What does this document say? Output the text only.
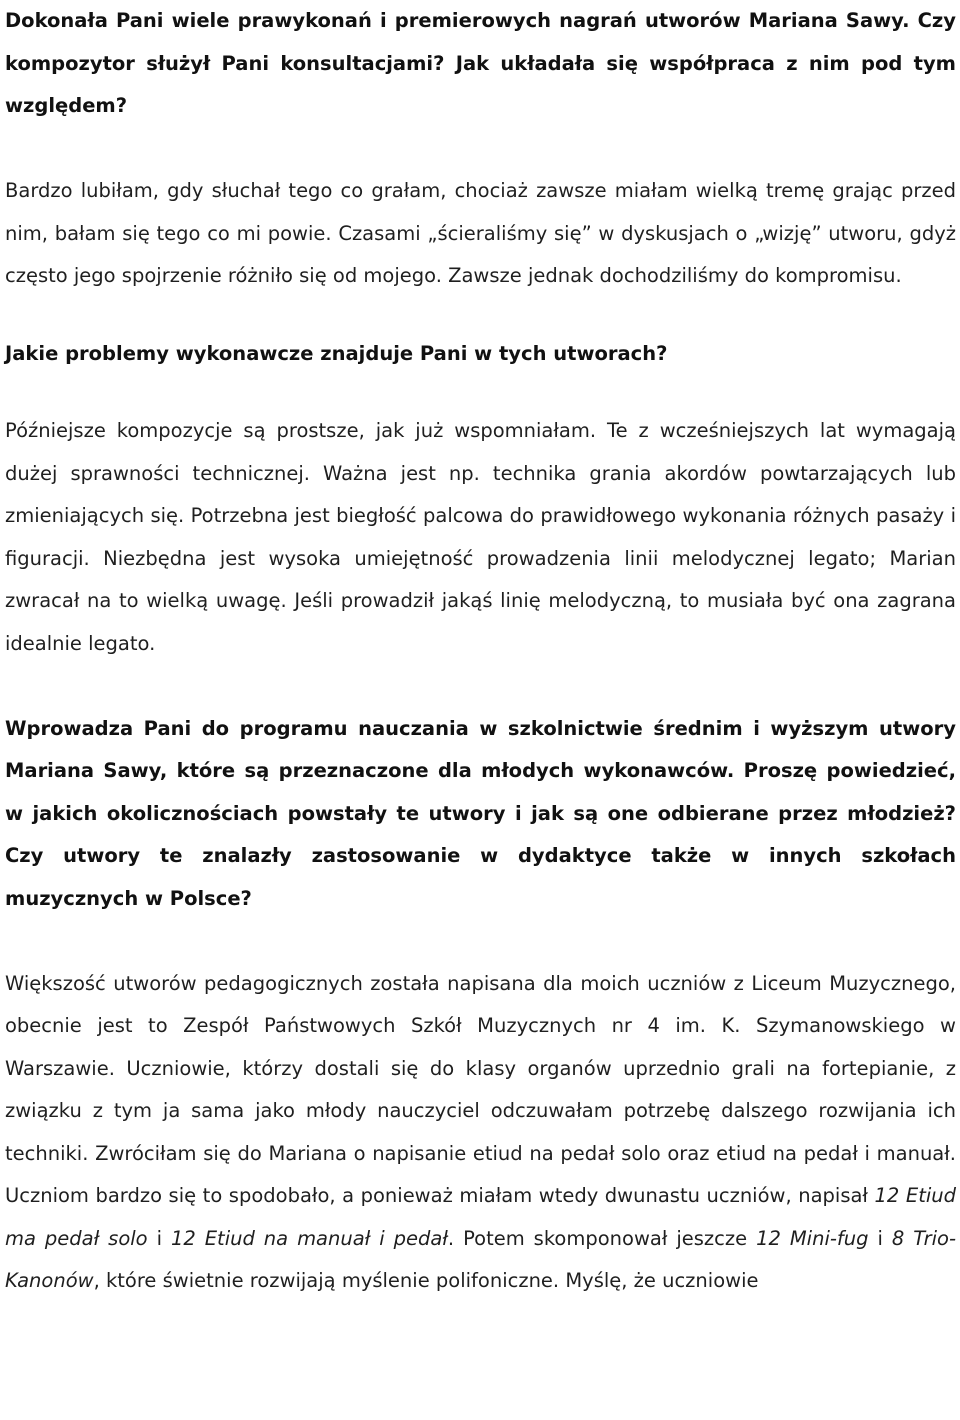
Dokonała Pani wiele prawykonań i premierowych nagrań utworów Mariana Sawy. Czy kompozytor służył Pani konsultacjami? Jak układała się współpraca z nim pod tym względem?

Bardzo lubiłam, gdy słuchał tego co grałam, chociaż zawsze miałam wielką tremę grając przed nim, bałam się tego co mi powie. Czasami „ścieraliśmy się” w dyskusjach o „wizję” utworu, gdyż często jego spojrzenie różniło się od mojego. Zawsze jednak dochodziliśmy do kompromisu.

Jakie problemy wykonawcze znajduje Pani w tych utworach?

Późniejsze kompozycje są prostsze, jak już wspomniałam. Te z wcześniejszych lat wymagają dużej sprawności technicznej. Ważna jest np. technika grania akordów powtarzających lub zmieniających się. Potrzebna jest biegłość palcowa do prawidłowego wykonania różnych pasaży i figuracji. Niezbędna jest wysoka umiejętność prowadzenia linii melodycznej legato; Marian zwracał na to wielką uwagę. Jeśli prowadził jakąś linię melodyczną, to musiała być ona zagrana idealnie legato.

Wprowadza Pani do programu nauczania w szkolnictwie średnim i wyższym utwory Mariana Sawy, które są przeznaczone dla młodych wykonawców. Proszę powiedzieć, w jakich okolicznościach powstały te utwory i jak są one odbierane przez młodzież? Czy utwory te znalazły zastosowanie w dydaktyce także w innych szkołach muzycznych w Polsce?

Większość utworów pedagogicznych została napisana dla moich uczniów z Liceum Muzycznego, obecnie jest to Zespół Państwowych Szkół Muzycznych nr 4 im. K. Szymanowskiego w Warszawie. Uczniowie, którzy dostali się do klasy organów uprzednio grali na fortepianie, z związku z tym ja sama jako młody nauczyciel odczuwałam potrzebę dalszego rozwijania ich techniki. Zwróciłam się do Mariana o napisanie etiud na pedał solo oraz etiud na pedał i manuał. Uczniom bardzo się to spodobało, a ponieważ miałam wtedy dwunastu uczniów, napisał 12 Etiud ma pedał solo i 12 Etiud na manuał i pedał. Potem skomponował jeszcze 12 Mini-fug i 8 Trio-Kanonów, które świetnie rozwijają myślenie polifoniczne. Myślę, że uczniowie
